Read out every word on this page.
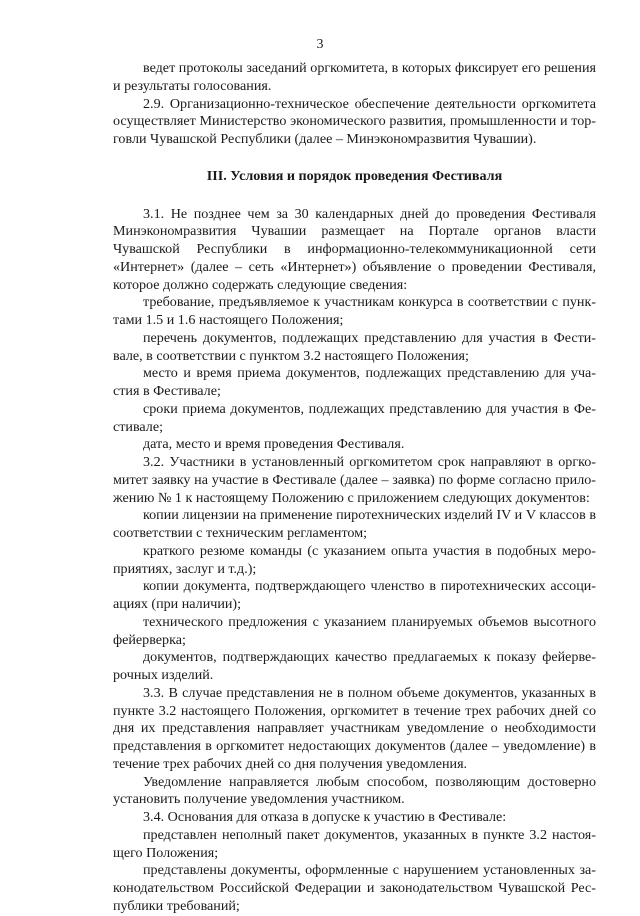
3

ведет протоколы заседаний оргкомитета, в которых фиксирует его решения и результаты голосования.

2.9. Организационно-техническое обеспечение деятельности оргкомитета осуществляет Министерство экономического развития, промышленности и торговли Чувашской Республики (далее – Минэкономразвития Чувашии).

III. Условия и порядок проведения Фестиваля

3.1. Не позднее чем за 30 календарных дней до проведения Фестиваля Минэкономразвития Чувашии размещает на Портале органов власти Чувашской Республики в информационно-телекоммуникационной сети «Интернет» (далее – сеть «Интернет») объявление о проведении Фестиваля, которое должно содержать следующие сведения:

требование, предъявляемое к участникам конкурса в соответствии с пунктами 1.5 и 1.6 настоящего Положения;

перечень документов, подлежащих представлению для участия в Фестивале, в соответствии с пунктом 3.2 настоящего Положения;

место и время приема документов, подлежащих представлению для участия в Фестивале;

сроки приема документов, подлежащих представлению для участия в Фестивале;

дата, место и время проведения Фестиваля.

3.2. Участники в установленный оргкомитетом срок направляют в оргкомитет заявку на участие в Фестивале (далее – заявка) по форме согласно приложению № 1 к настоящему Положению с приложением следующих документов:

копии лицензии на применение пиротехнических изделий IV и V классов в соответствии с техническим регламентом;

краткого резюме команды (с указанием опыта участия в подобных мероприятиях, заслуг и т.д.);

копии документа, подтверждающего членство в пиротехнических ассоциациях (при наличии);

технического предложения с указанием планируемых объемов высотного фейерверка;

документов, подтверждающих качество предлагаемых к показу фейерверочных изделий.

3.3. В случае представления не в полном объеме документов, указанных в пункте 3.2 настоящего Положения, оргкомитет в течение трех рабочих дней со дня их представления направляет участникам уведомление о необходимости представления в оргкомитет недостающих документов (далее – уведомление) в течение трех рабочих дней со дня получения уведомления.

Уведомление направляется любым способом, позволяющим достоверно установить получение уведомления участником.

3.4. Основания для отказа в допуске к участию в Фестивале:

представлен неполный пакет документов, указанных в пункте 3.2 настоящего Положения;

представлены документы, оформленные с нарушением установленных законодательством Российской Федерации и законодательством Чувашской Республики требований;
